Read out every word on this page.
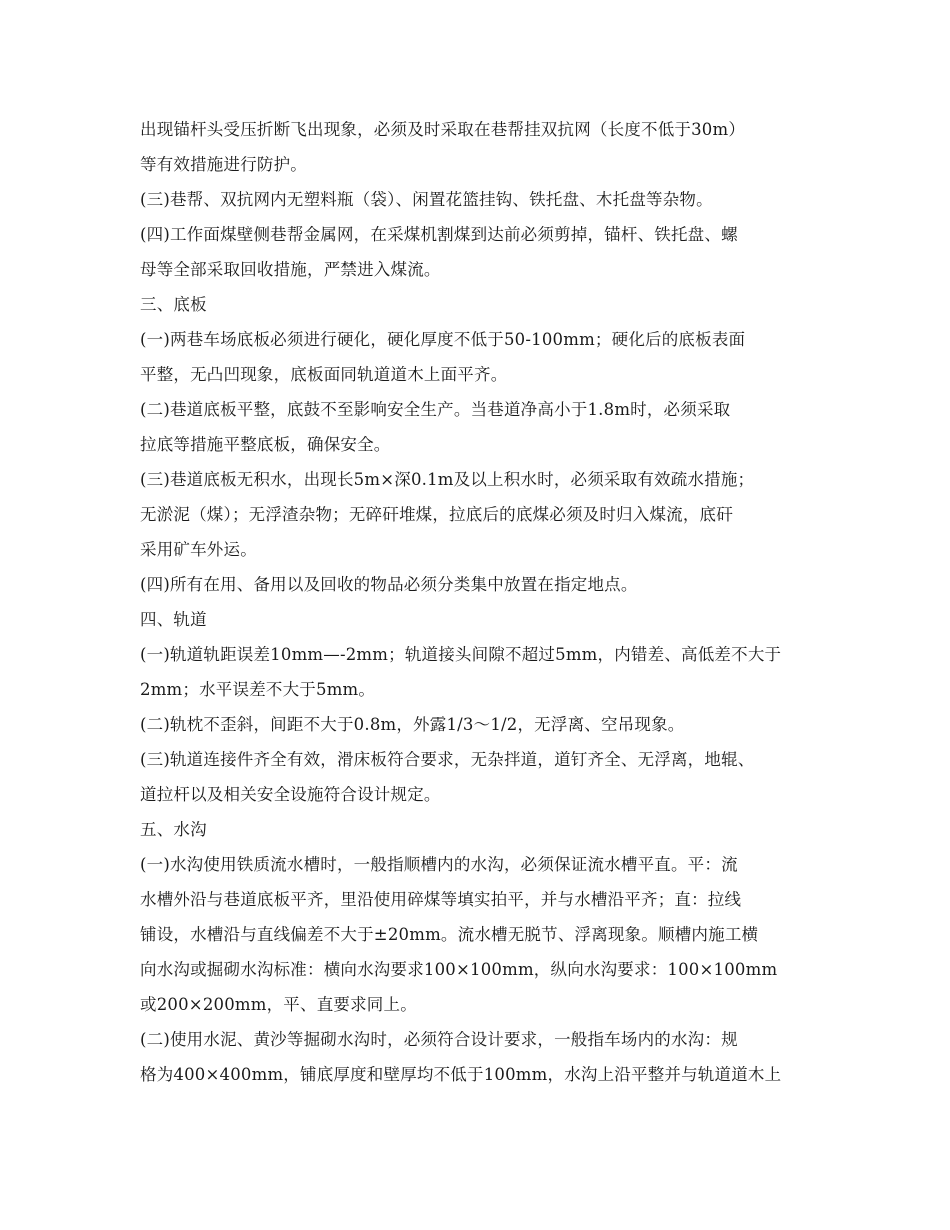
出现锚杆头受压折断飞出现象，必须及时采取在巷帮挂双抗网（长度不低于30m）
等有效措施进行防护。
(三)巷帮、双抗网内无塑料瓶（袋）、闲置花篮挂钩、铁托盘、木托盘等杂物。
(四)工作面煤壁侧巷帮金属网，在采煤机割煤到达前必须剪掉，锚杆、铁托盘、螺
母等全部采取回收措施，严禁进入煤流。
三、底板
(一)两巷车场底板必须进行硬化，硬化厚度不低于50-100mm；硬化后的底板表面
平整，无凸凹现象，底板面同轨道道木上面平齐。
(二)巷道底板平整，底鼓不至影响安全生产。当巷道净高小于1.8m时，必须采取
拉底等措施平整底板，确保安全。
(三)巷道底板无积水，出现长5m×深0.1m及以上积水时，必须采取有效疏水措施；
无淤泥（煤）；无浮渣杂物；无碎矸堆煤，拉底后的底煤必须及时归入煤流，底矸
采用矿车外运。
(四)所有在用、备用以及回收的物品必须分类集中放置在指定地点。
四、轨道
(一)轨道轨距误差10mm—-2mm；轨道接头间隙不超过5mm，内错差、高低差不大于
2mm；水平误差不大于5mm。
(二)轨枕不歪斜，间距不大于0.8m，外露1/3～1/2，无浮离、空吊现象。
(三)轨道连接件齐全有效，滑床板符合要求，无杂拌道，道钉齐全、无浮离，地辊、
道拉杆以及相关安全设施符合设计规定。
五、水沟
(一)水沟使用铁质流水槽时，一般指顺槽内的水沟，必须保证流水槽平直。平：流
水槽外沿与巷道底板平齐，里沿使用碎煤等填实拍平，并与水槽沿平齐；直：拉线
铺设，水槽沿与直线偏差不大于±20mm。流水槽无脱节、浮离现象。顺槽内施工横
向水沟或掘砌水沟标准：横向水沟要求100×100mm，纵向水沟要求：100×100mm
或200×200mm，平、直要求同上。
(二)使用水泥、黄沙等掘砌水沟时，必须符合设计要求，一般指车场内的水沟：规
格为400×400mm，铺底厚度和壁厚均不低于100mm，水沟上沿平整并与轨道道木上
